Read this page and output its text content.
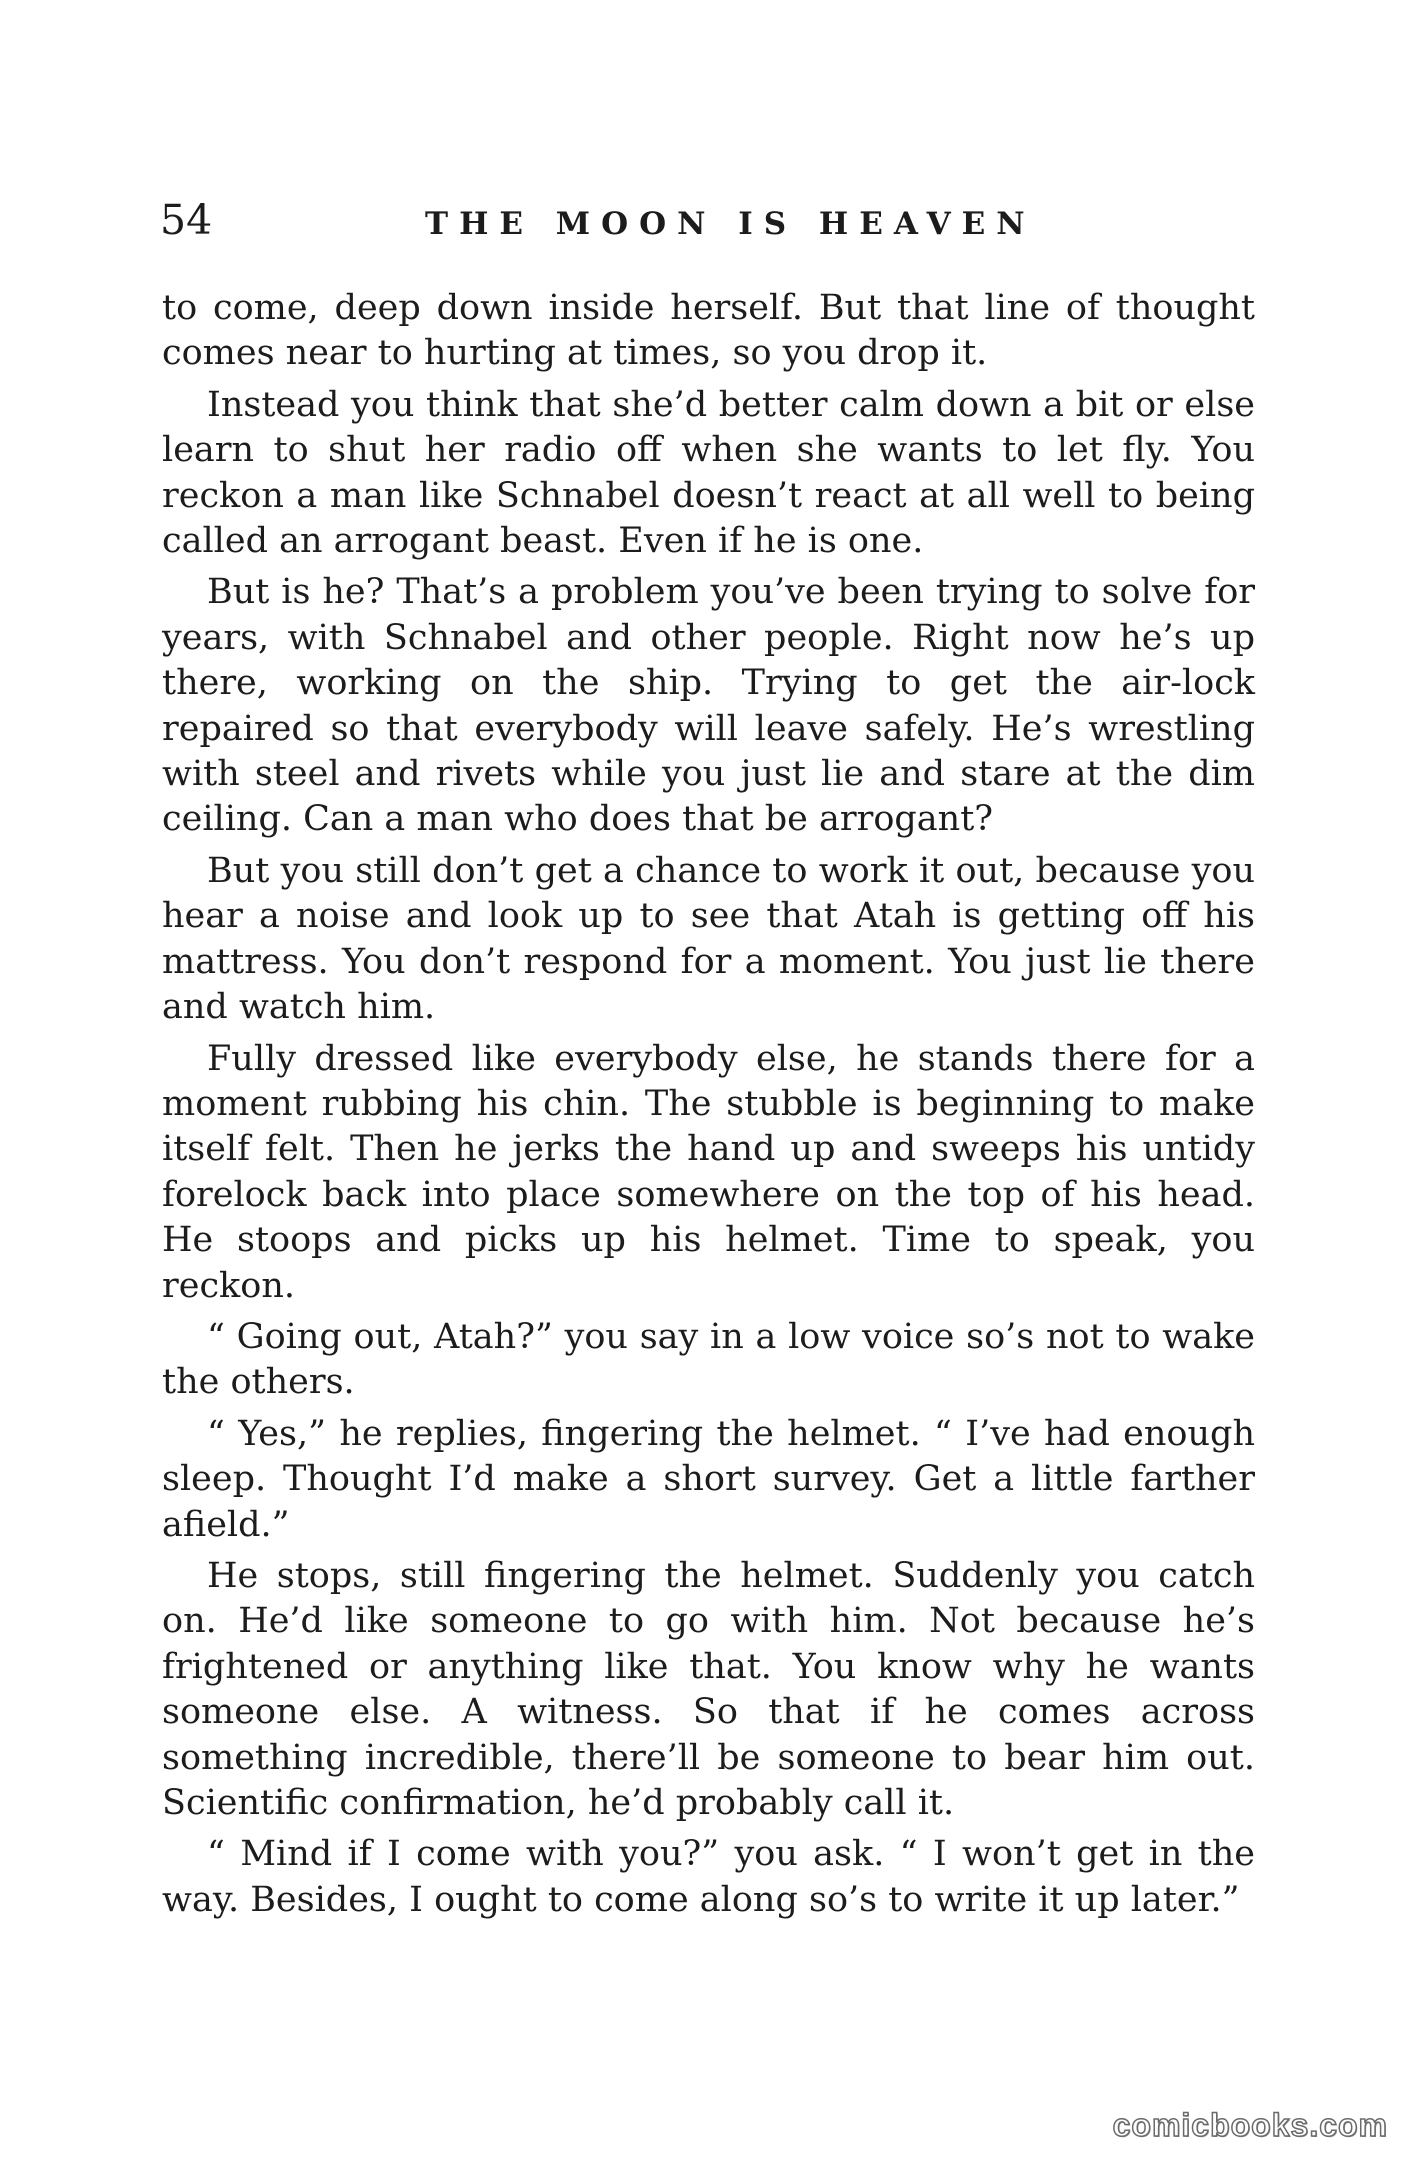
54	THE MOON IS HEAVEN

to come, deep down inside herself. But that line of thought comes near to hurting at times, so you drop it.

Instead you think that she’d better calm down a bit or else learn to shut her radio off when she wants to let fly. You reckon a man like Schnabel doesn’t react at all well to being called an arrogant beast. Even if he is one.

But is he? That’s a problem you’ve been trying to solve for years, with Schnabel and other people. Right now he’s up there, working on the ship. Trying to get the air-lock repaired so that everybody will leave safely. He’s wrestling with steel and rivets while you just lie and stare at the dim ceiling. Can a man who does that be arrogant?

But you still don’t get a chance to work it out, because you hear a noise and look up to see that Atah is getting off his mattress. You don’t respond for a moment. You just lie there and watch him.

Fully dressed like everybody else, he stands there for a moment rubbing his chin. The stubble is beginning to make itself felt. Then he jerks the hand up and sweeps his untidy forelock back into place somewhere on the top of his head. He stoops and picks up his helmet. Time to speak, you reckon.

“ Going out, Atah?” you say in a low voice so’s not to wake the others.

“ Yes,” he replies, fingering the helmet. “ I’ve had enough sleep. Thought I’d make a short survey. Get a little farther afield.”

He stops, still fingering the helmet. Suddenly you catch on. He’d like someone to go with him. Not because he’s frightened or anything like that. You know why he wants someone else. A witness. So that if he comes across something incredible, there’ll be someone to bear him out. Scientific confirmation, he’d probably call it.

“ Mind if I come with you?” you ask. “ I won’t get in the way. Besides, I ought to come along so’s to write it up later.”

comicbooks.com
